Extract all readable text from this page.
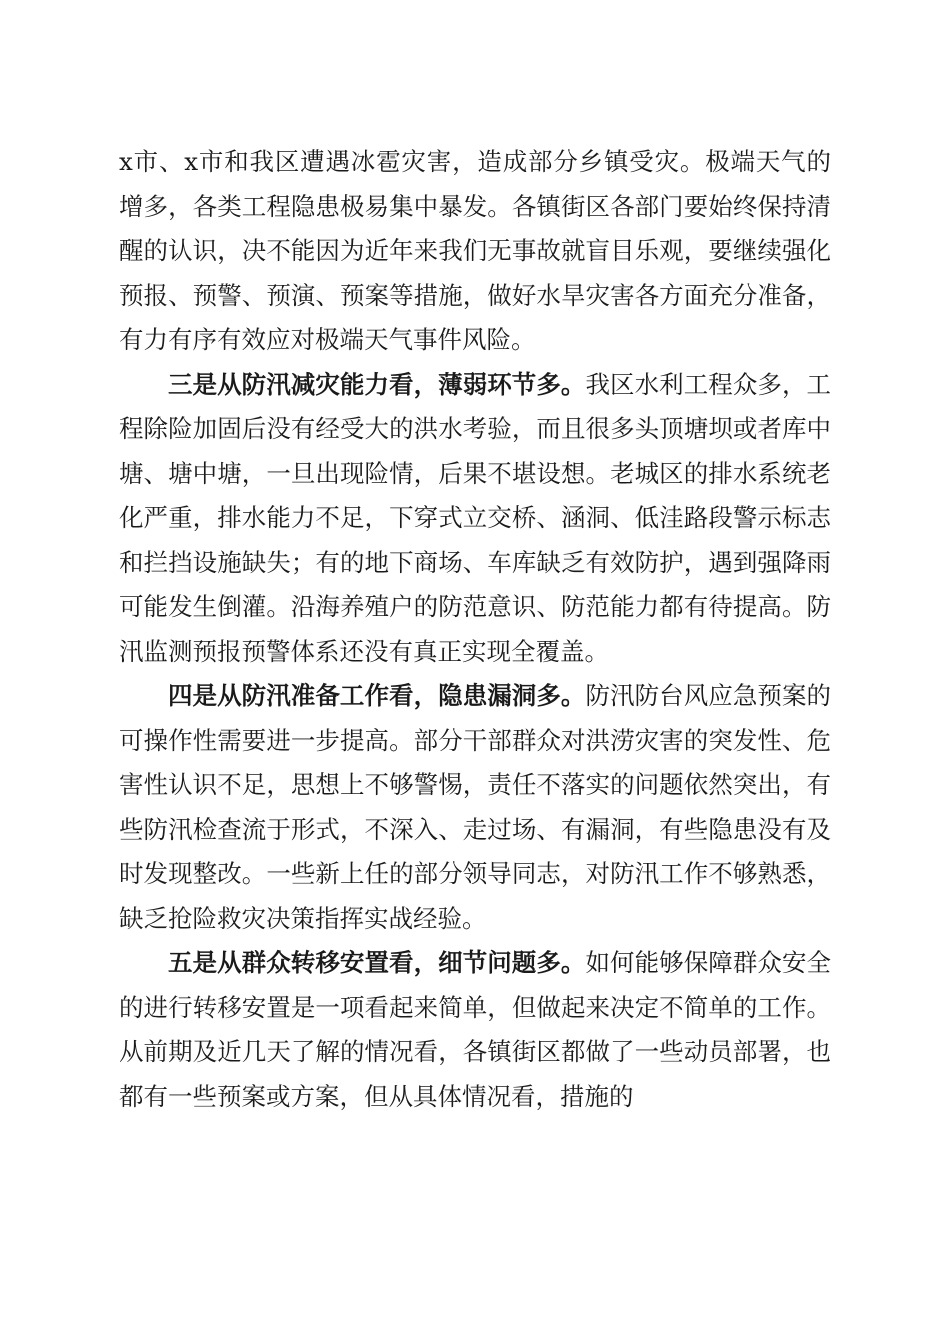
x市、x市和我区遭遇冰雹灾害，造成部分乡镇受灾。极端天气的增多，各类工程隐患极易集中暴发。各镇街区各部门要始终保持清醒的认识，决不能因为近年来我们无事故就盲目乐观，要继续强化预报、预警、预演、预案等措施，做好水旱灾害各方面充分准备，有力有序有效应对极端天气事件风险。

三是从防汛减灾能力看，薄弱环节多。我区水利工程众多，工程除险加固后没有经受大的洪水考验，而且很多头顶塘坝或者库中塘、塘中塘，一旦出现险情，后果不堪设想。老城区的排水系统老化严重，排水能力不足，下穿式立交桥、涵洞、低洼路段警示标志和拦挡设施缺失；有的地下商场、车库缺乏有效防护，遇到强降雨可能发生倒灌。沿海养殖户的防范意识、防范能力都有待提高。防汛监测预报预警体系还没有真正实现全覆盖。

四是从防汛准备工作看，隐患漏洞多。防汛防台风应急预案的可操作性需要进一步提高。部分干部群众对洪涝灾害的突发性、危害性认识不足，思想上不够警惕，责任不落实的问题依然突出，有些防汛检查流于形式，不深入、走过场、有漏洞，有些隐患没有及时发现整改。一些新上任的部分领导同志，对防汛工作不够熟悉，缺乏抢险救灾决策指挥实战经验。

五是从群众转移安置看，细节问题多。如何能够保障群众安全的进行转移安置是一项看起来简单，但做起来决定不简单的工作。从前期及近几天了解的情况看，各镇街区都做了一些动员部署，也都有一些预案或方案，但从具体情况看，措施的
